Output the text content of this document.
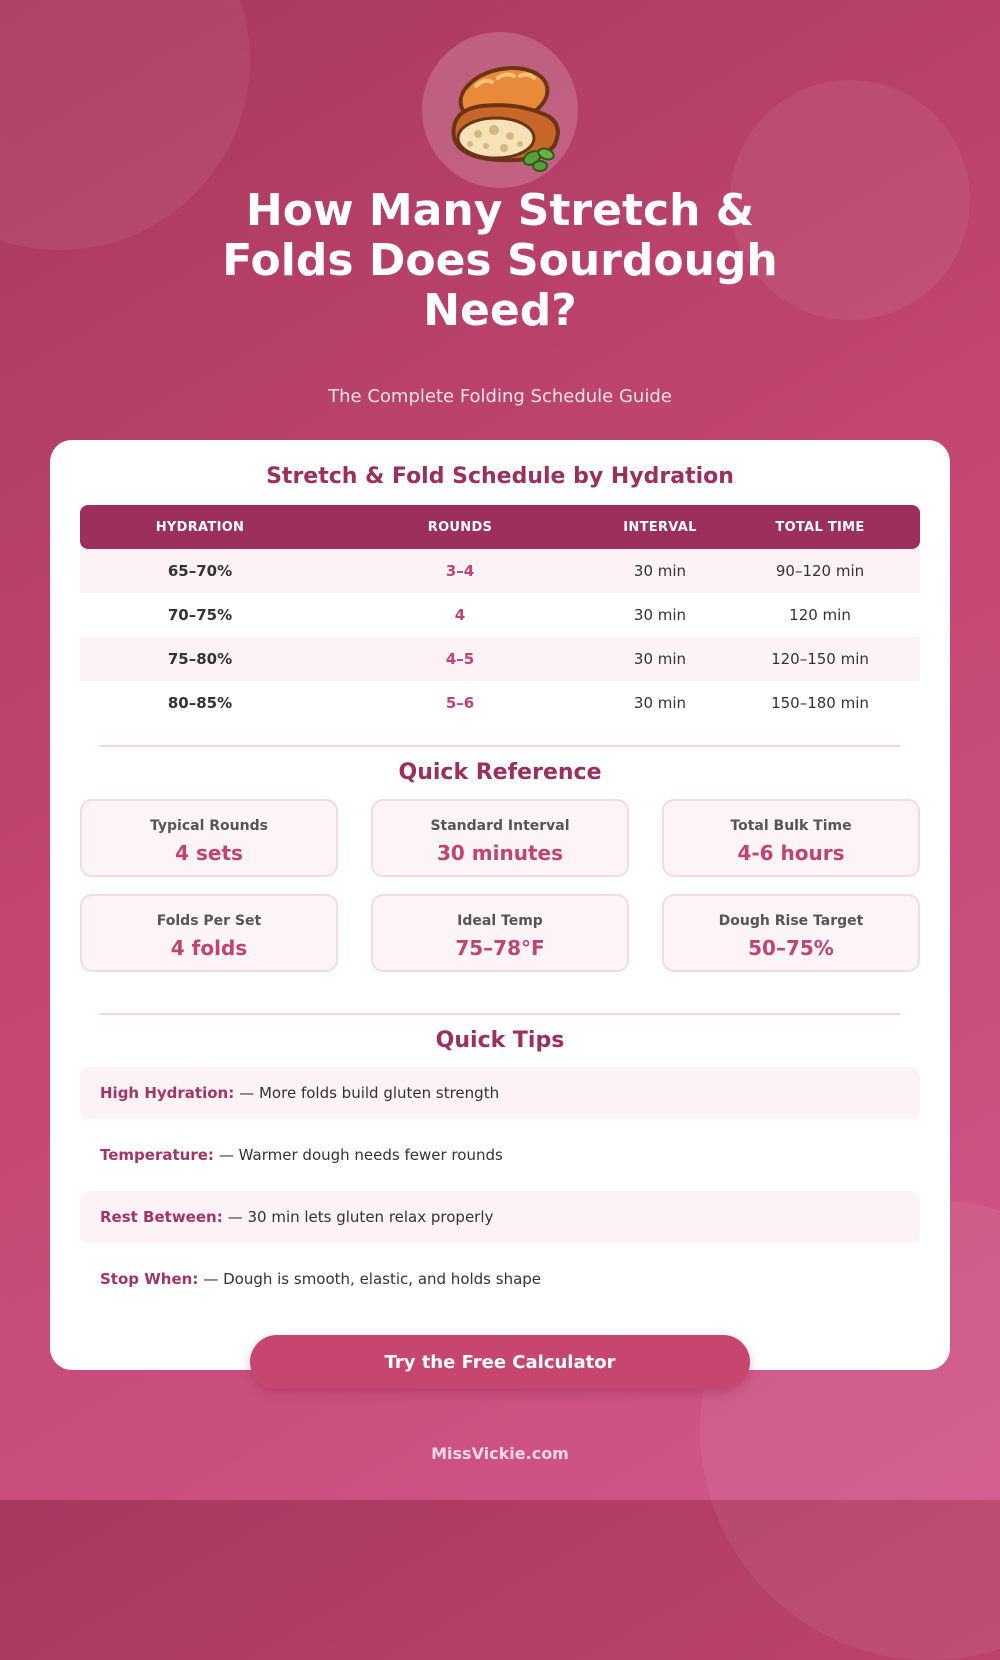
How Many Stretch & Folds Does Sourdough Need?
The Complete Folding Schedule Guide
Stretch & Fold Schedule by Hydration
HYDRATION	ROUNDS	INTERVAL	TOTAL TIME
65–70%	3–4	30 min	90–120 min
70–75%	4	30 min	120 min
75–80%	4–5	30 min	120–150 min
80–85%	5–6	30 min	150–180 min
Quick Reference
Typical Rounds
4 sets
Standard Interval
30 minutes
Total Bulk Time
4-6 hours
Folds Per Set
4 folds
Ideal Temp
75–78°F
Dough Rise Target
50–75%
Quick Tips
High Hydration: — More folds build gluten strength
Temperature: — Warmer dough needs fewer rounds
Rest Between: — 30 min lets gluten relax properly
Stop When: — Dough is smooth, elastic, and holds shape
Try the Free Calculator
MissVickie.com
